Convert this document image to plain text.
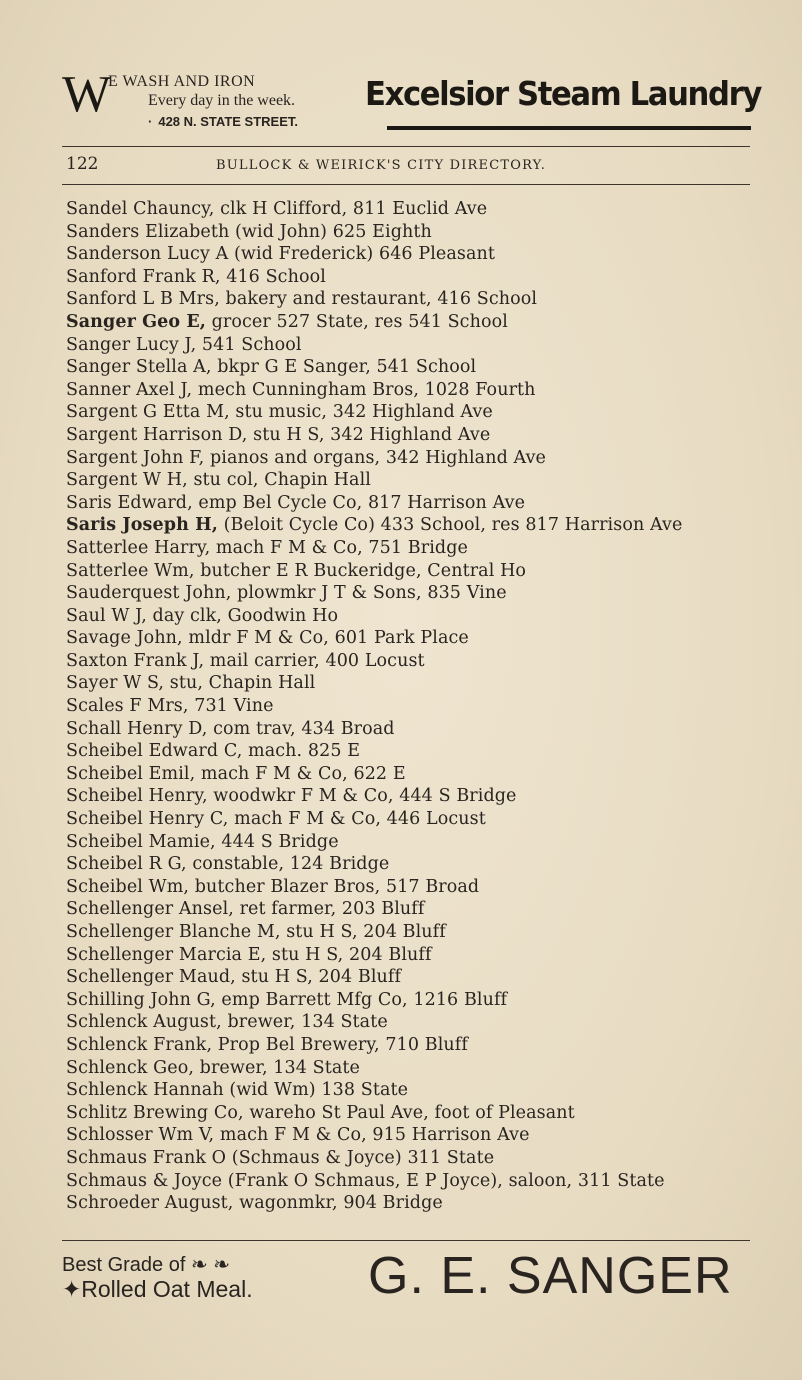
W
E WASH AND IRON
Every day in the week.
· 428 N. STATE STREET.
Excelsior Steam Laundry
122	BULLOCK & WEIRICK'S CITY DIRECTORY.
Sandel Chauncy, clk H Clifford, 811 Euclid Ave
Sanders Elizabeth (wid John) 625 Eighth
Sanderson Lucy A (wid Frederick) 646 Pleasant
Sanford Frank R, 416 School
Sanford L B Mrs, bakery and restaurant, 416 School
Sanger Geo E, grocer 527 State, res 541 School
Sanger Lucy J, 541 School
Sanger Stella A, bkpr G E Sanger, 541 School
Sanner Axel J, mech Cunningham Bros, 1028 Fourth
Sargent G Etta M, stu music, 342 Highland Ave
Sargent Harrison D, stu H S, 342 Highland Ave
Sargent John F, pianos and organs, 342 Highland Ave
Sargent W H, stu col, Chapin Hall
Saris Edward, emp Bel Cycle Co, 817 Harrison Ave
Saris Joseph H, (Beloit Cycle Co) 433 School, res 817 Harrison Ave
Satterlee Harry, mach F M & Co, 751 Bridge
Satterlee Wm, butcher E R Buckeridge, Central Ho
Sauderquest John, plowmkr J T & Sons, 835 Vine
Saul W J, day clk, Goodwin Ho
Savage John, mldr F M & Co, 601 Park Place
Saxton Frank J, mail carrier, 400 Locust
Sayer W S, stu, Chapin Hall
Scales F Mrs, 731 Vine
Schall Henry D, com trav, 434 Broad
Scheibel Edward C, mach. 825 E
Scheibel Emil, mach F M & Co, 622 E
Scheibel Henry, woodwkr F M & Co, 444 S Bridge
Scheibel Henry C, mach F M & Co, 446 Locust
Scheibel Mamie, 444 S Bridge
Scheibel R G, constable, 124 Bridge
Scheibel Wm, butcher Blazer Bros, 517 Broad
Schellenger Ansel, ret farmer, 203 Bluff
Schellenger Blanche M, stu H S, 204 Bluff
Schellenger Marcia E, stu H S, 204 Bluff
Schellenger Maud, stu H S, 204 Bluff
Schilling John G, emp Barrett Mfg Co, 1216 Bluff
Schlenck August, brewer, 134 State
Schlenck Frank, Prop Bel Brewery, 710 Bluff
Schlenck Geo, brewer, 134 State
Schlenck Hannah (wid Wm) 138 State
Schlitz Brewing Co, wareho St Paul Ave, foot of Pleasant
Schlosser Wm V, mach F M & Co, 915 Harrison Ave
Schmaus Frank O (Schmaus & Joyce) 311 State
Schmaus & Joyce (Frank O Schmaus, E P Joyce), saloon, 311 State
Schroeder August, wagonmkr, 904 Bridge
Best Grade of ❧ ❧
✦Rolled Oat Meal. G. E. SANGER
